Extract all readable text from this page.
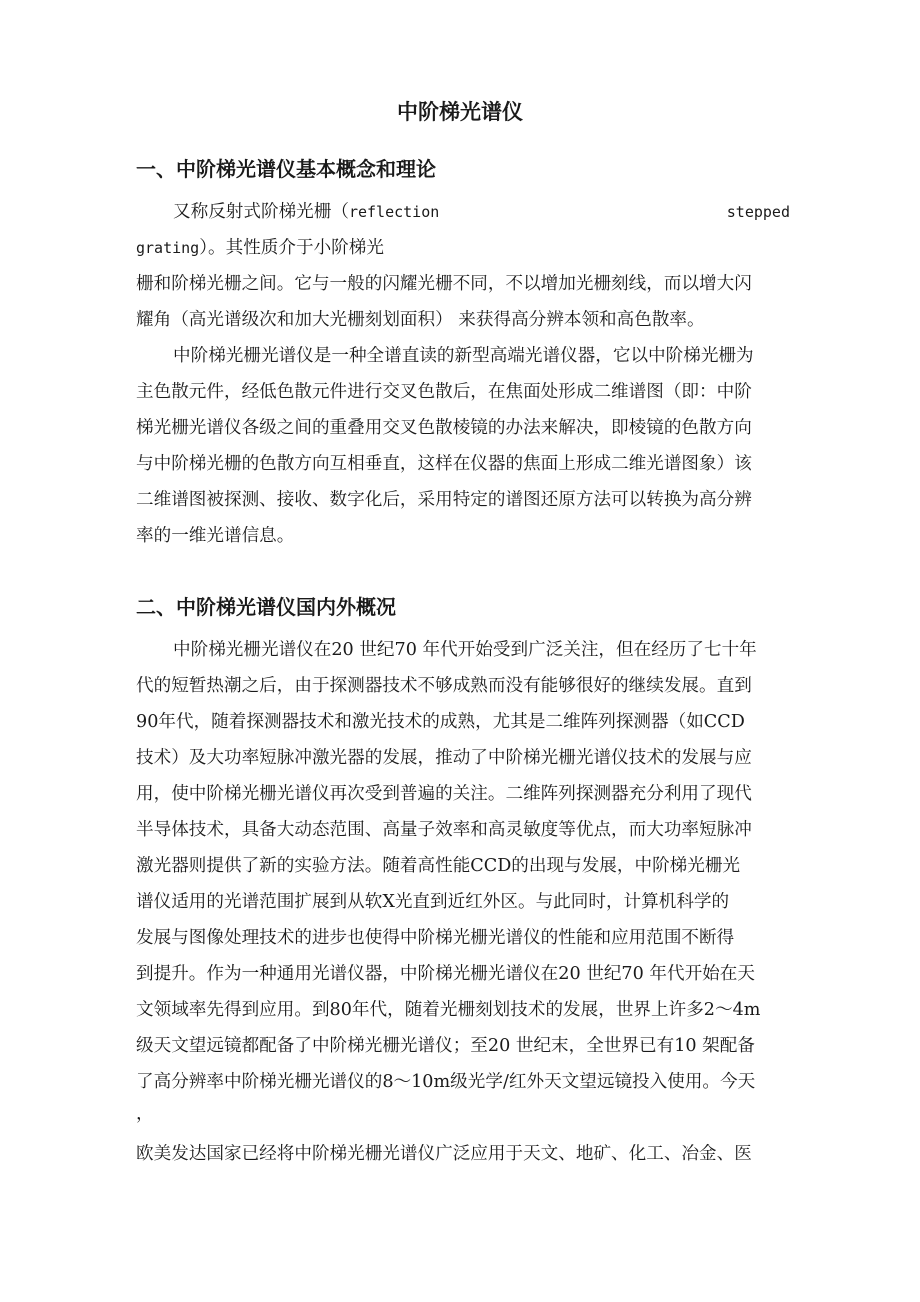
中阶梯光谱仪
一、中阶梯光谱仪基本概念和理论

又称反射式阶梯光栅（reflection	stepped

grating）。其性质介于小阶梯光

栅和阶梯光栅之间。它与一般的闪耀光栅不同，不以增加光栅刻线，而以增大闪

耀角（高光谱级次和加大光栅刻划面积） 来获得高分辨本领和高色散率。

中阶梯光栅光谱仪是一种全谱直读的新型高端光谱仪器，它以中阶梯光栅为

主色散元件，经低色散元件进行交叉色散后，在焦面处形成二维谱图（即：中阶

梯光栅光谱仪各级之间的重叠用交叉色散棱镜的办法来解决，即棱镜的色散方向

与中阶梯光栅的色散方向互相垂直，这样在仪器的焦面上形成二维光谱图象）该

二维谱图被探测、接收、数字化后，采用特定的谱图还原方法可以转换为高分辨

率的一维光谱信息。

二、中阶梯光谱仪国内外概况

中阶梯光栅光谱仪在20 世纪70 年代开始受到广泛关注，但在经历了七十年

代的短暂热潮之后，由于探测器技术不够成熟而没有能够很好的继续发展。直到

90年代，随着探测器技术和激光技术的成熟，尤其是二维阵列探测器（如CCD

技术）及大功率短脉冲激光器的发展，推动了中阶梯光栅光谱仪技术的发展与应

用，使中阶梯光栅光谱仪再次受到普遍的关注。二维阵列探测器充分利用了现代

半导体技术，具备大动态范围、高量子效率和高灵敏度等优点，而大功率短脉冲

激光器则提供了新的实验方法。随着高性能CCD的出现与发展，中阶梯光栅光

谱仪适用的光谱范围扩展到从软X光直到近红外区。与此同时，计算机科学的

发展与图像处理技术的进步也使得中阶梯光栅光谱仪的性能和应用范围不断得

到提升。作为一种通用光谱仪器，中阶梯光栅光谱仪在20 世纪70 年代开始在天

文领域率先得到应用。到80年代，随着光栅刻划技术的发展，世界上许多2～4m

级天文望远镜都配备了中阶梯光栅光谱仪；至20 世纪末，全世界已有10 架配备

了高分辨率中阶梯光栅光谱仪的8～10m级光学/红外天文望远镜投入使用。今天

，

欧美发达国家已经将中阶梯光栅光谱仪广泛应用于天文、地矿、化工、冶金、医
